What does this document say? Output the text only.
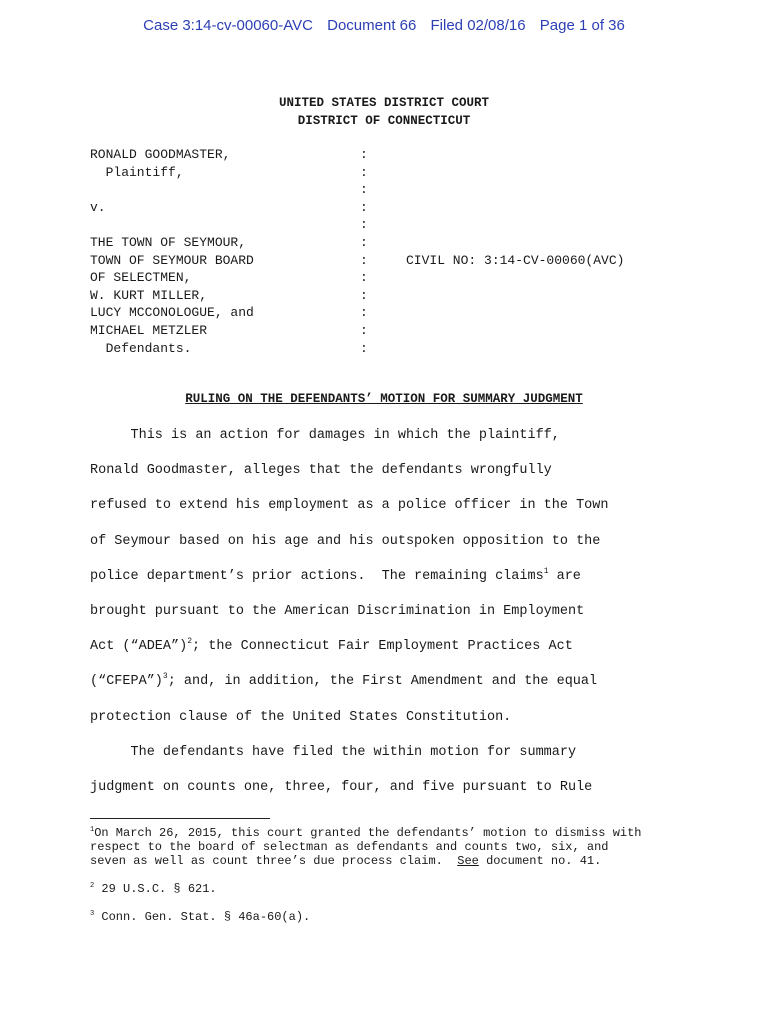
Case 3:14-cv-00060-AVC Document 66 Filed 02/08/16 Page 1 of 36
UNITED STATES DISTRICT COURT
DISTRICT OF CONNECTICUT
RONALD GOODMASTER,	:
Plaintiff,	:
:
v.	:
:
THE TOWN OF SEYMOUR,	:
TOWN OF SEYMOUR BOARD	:	CIVIL NO: 3:14-CV-00060(AVC)
OF SELECTMEN,	:
W. KURT MILLER,	:
LUCY MCCONOLOGUE, and	:
MICHAEL METZLER	:
Defendants.	:
RULING ON THE DEFENDANTS’ MOTION FOR SUMMARY JUDGMENT
This is an action for damages in which the plaintiff,
Ronald Goodmaster, alleges that the defendants wrongfully
refused to extend his employment as a police officer in the Town
of Seymour based on his age and his outspoken opposition to the
police department’s prior actions.  The remaining claims$^1$ are
brought pursuant to the American Discrimination in Employment
Act (“ADEA”)$^2$; the Connecticut Fair Employment Practices Act
(“CFEPA”)$^3$; and, in addition, the First Amendment and the equal
protection clause of the United States Constitution.
The defendants have filed the within motion for summary
judgment on counts one, three, four, and five pursuant to Rule
$^1$On March 26, 2015, this court granted the defendants’ motion to dismiss with
respect to the board of selectman as defendants and counts two, six, and
seven as well as count three’s due process claim.  See document no. 41.
$^2$ 29 U.S.C. § 621.
$^3$ Conn. Gen. Stat. § 46a-60(a).
